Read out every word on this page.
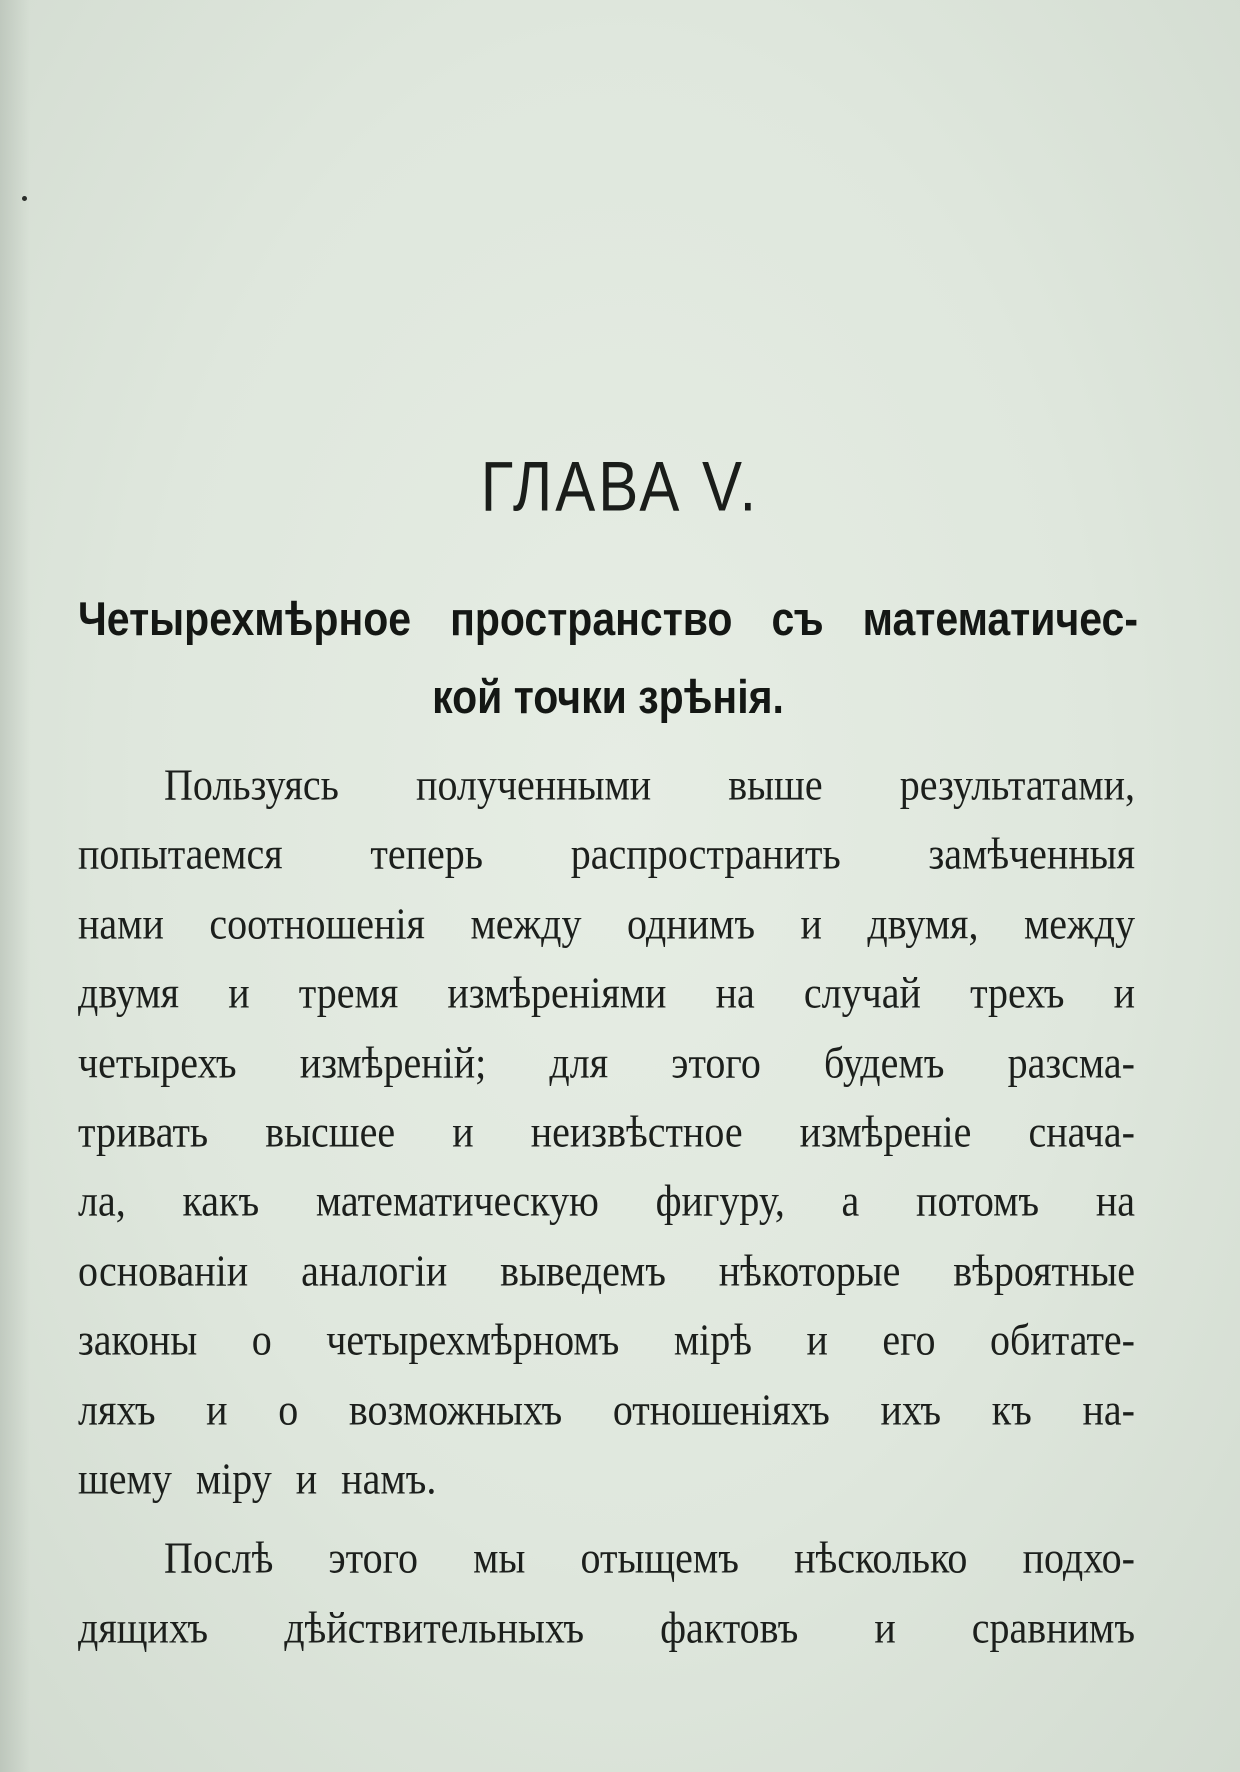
ГЛАВА V.
Четырехмѣрное пространство съ математичес-
кой точки зрѣнія.
Пользуясь полученными выше результатами,
попытаемся теперь распространить замѣченныя
нами соотношенія между однимъ и двумя, между
двумя и тремя измѣреніями на случай трехъ и
четырехъ измѣреній; для этого будемъ разсма-
тривать высшее и неизвѣстное измѣреніе снача-
ла, какъ математическую фигуру, а потомъ на
основаніи аналогіи выведемъ нѣкоторые вѣроятные
законы о четырехмѣрномъ мірѣ и его обитате-
ляхъ и о возможныхъ отношеніяхъ ихъ къ на-
шему міру и намъ.
Послѣ этого мы отыщемъ нѣсколько подхо-
дящихъ дѣйствительныхъ фактовъ и сравнимъ
